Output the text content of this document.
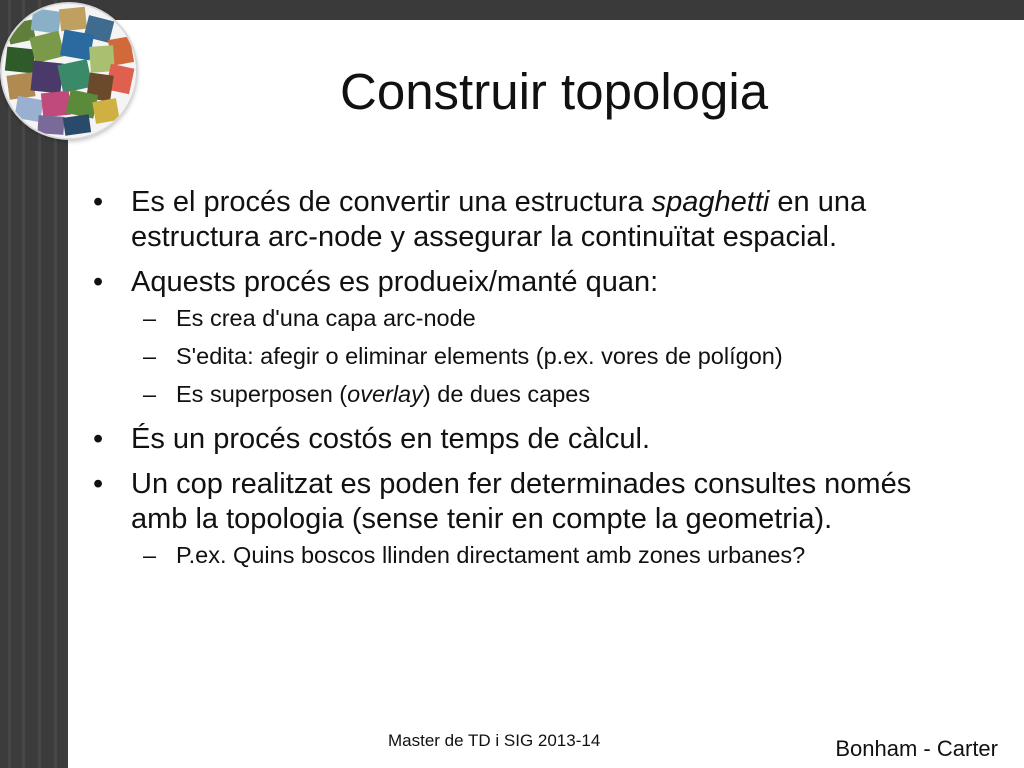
Construir topologia
• Es el procés de convertir una estructura spaghetti en una estructura arc-node y assegurar la continuïtat espacial.
• Aquests procés es produeix/manté quan:
– Es crea d'una capa arc-node
– S'edita: afegir o eliminar elements (p.ex. vores de polígon)
– Es superposen (overlay) de dues capes
• És un procés costós en temps de càlcul.
• Un cop realitzat es poden fer determinades consultes només amb la topologia (sense tenir en compte la geometria).
– P.ex. Quins boscos llinden directament amb zones urbanes?
Master de TD i SIG 2013-14	Bonham - Carter
